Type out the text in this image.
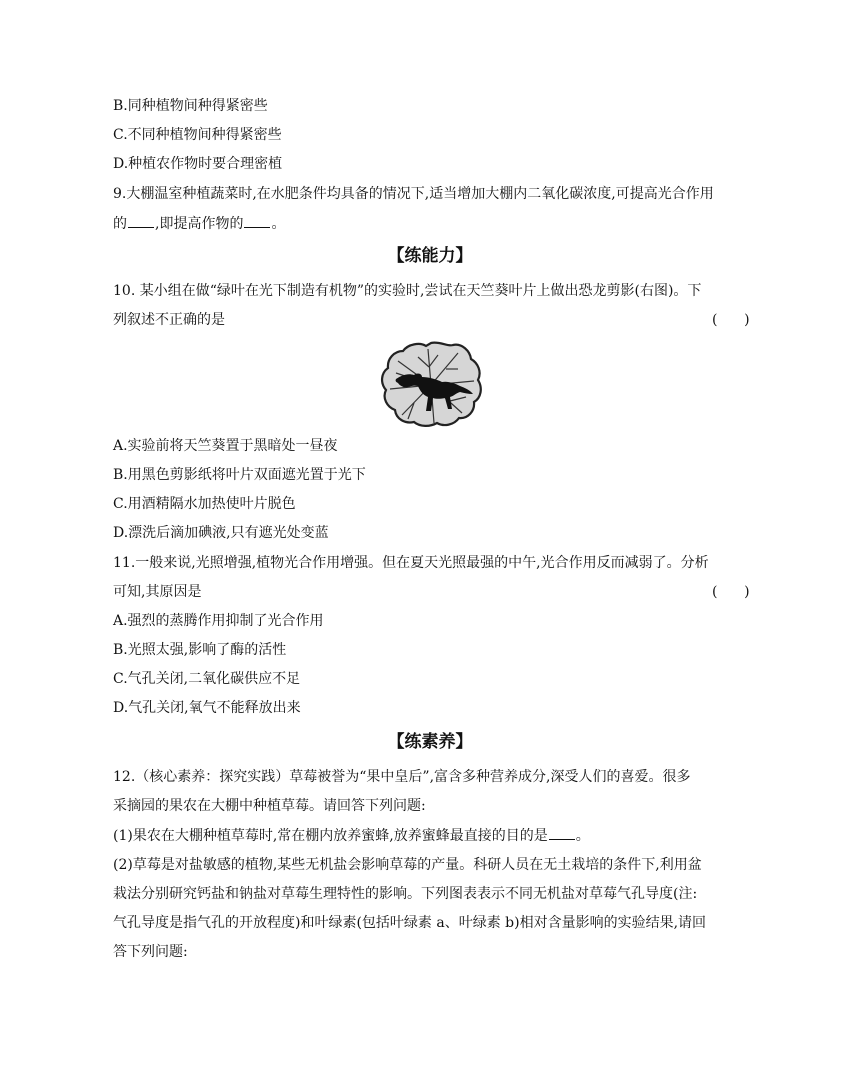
B.同种植物间种得紧密些
C.不同种植物间种得紧密些
D.种植农作物时要合理密植
9.大棚温室种植蔬菜时,在水肥条件均具备的情况下,适当增加大棚内二氧化碳浓度,可提高光合作用
的 ,即提高作物的 。
【练能力】
10. 某小组在做“绿叶在光下制造有机物”的实验时,尝试在天竺葵叶片上做出恐龙剪影(右图)。下
列叙述不正确的是	(      )
A.实验前将天竺葵置于黑暗处一昼夜
B.用黑色剪影纸将叶片双面遮光置于光下
C.用酒精隔水加热使叶片脱色
D.漂洗后滴加碘液,只有遮光处变蓝
11.一般来说,光照增强,植物光合作用增强。但在夏天光照最强的中午,光合作用反而减弱了。分析
可知,其原因是	(      )
A.强烈的蒸腾作用抑制了光合作用
B.光照太强,影响了酶的活性
C.气孔关闭,二氧化碳供应不足
D.气孔关闭,氧气不能释放出来
【练素养】
12.（核心素养：探究实践）草莓被誉为“果中皇后”,富含多种营养成分,深受人们的喜爱。很多
采摘园的果农在大棚中种植草莓。请回答下列问题:
(1)果农在大棚种植草莓时,常在棚内放养蜜蜂,放养蜜蜂最直接的目的是 。
(2)草莓是对盐敏感的植物,某些无机盐会影响草莓的产量。科研人员在无土栽培的条件下,利用盆
栽法分别研究钙盐和钠盐对草莓生理特性的影响。下列图表表示不同无机盐对草莓气孔导度(注:
气孔导度是指气孔的开放程度)和叶绿素(包括叶绿素 a、叶绿素 b)相对含量影响的实验结果,请回
答下列问题:
